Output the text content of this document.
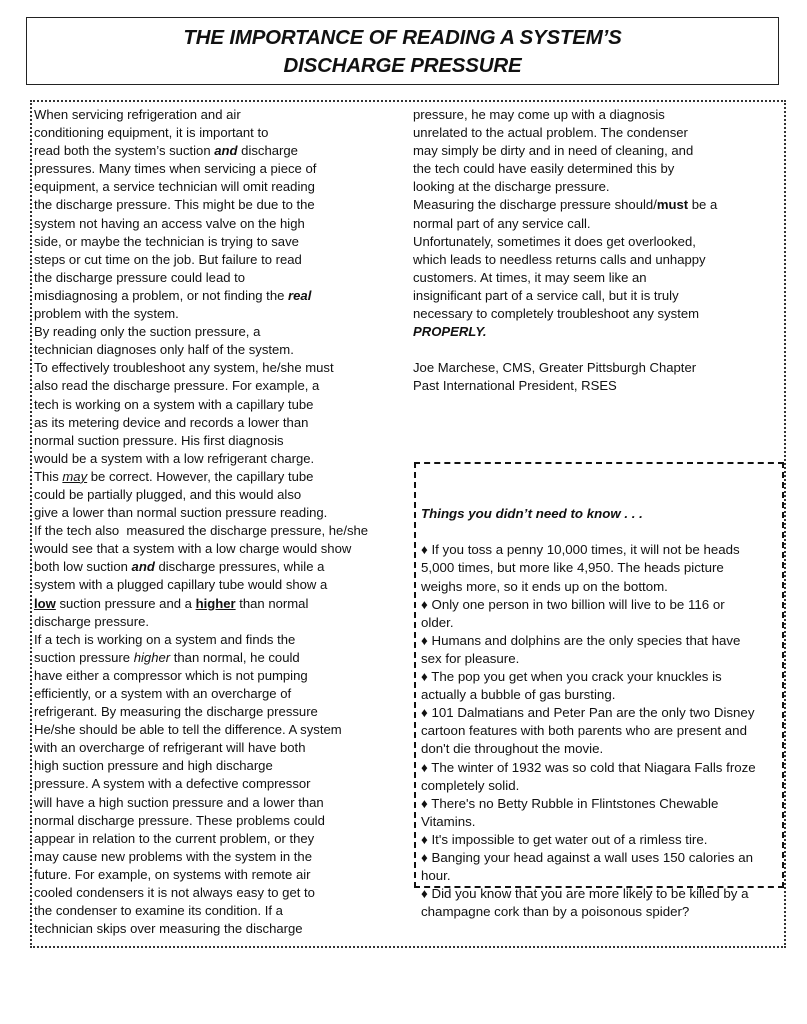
THE IMPORTANCE OF READING A SYSTEM’S
DISCHARGE PRESSURE
When servicing refrigeration and air
conditioning equipment, it is important to
read both the system’s suction and discharge
pressures. Many times when servicing a piece of
equipment, a service technician will omit reading
the discharge pressure. This might be due to the
system not having an access valve on the high
side, or maybe the technician is trying to save
steps or cut time on the job. But failure to read
the discharge pressure could lead to
misdiagnosing a problem, or not finding the real
problem with the system.
By reading only the suction pressure, a
technician diagnoses only half of the system.
To effectively troubleshoot any system, he/she must
also read the discharge pressure. For example, a
tech is working on a system with a capillary tube
as its metering device and records a lower than
normal suction pressure. His first diagnosis
would be a system with a low refrigerant charge.
This may be correct. However, the capillary tube
could be partially plugged, and this would also
give a lower than normal suction pressure reading.
If the tech also  measured the discharge pressure, he/she
would see that a system with a low charge would show
both low suction and discharge pressures, while a
system with a plugged capillary tube would show a
low suction pressure and a higher than normal
discharge pressure.
If a tech is working on a system and finds the
suction pressure higher than normal, he could
have either a compressor which is not pumping
efficiently, or a system with an overcharge of
refrigerant. By measuring the discharge pressure
He/she should be able to tell the difference. A system
with an overcharge of refrigerant will have both
high suction pressure and high discharge
pressure. A system with a defective compressor
will have a high suction pressure and a lower than
normal discharge pressure. These problems could
appear in relation to the current problem, or they
may cause new problems with the system in the
future. For example, on systems with remote air
cooled condensers it is not always easy to get to
the condenser to examine its condition. If a
technician skips over measuring the discharge
pressure, he may come up with a diagnosis
unrelated to the actual problem. The condenser
may simply be dirty and in need of cleaning, and
the tech could have easily determined this by
looking at the discharge pressure.
Measuring the discharge pressure should/must be a
normal part of any service call.
Unfortunately, sometimes it does get overlooked,
which leads to needless returns calls and unhappy
customers. At times, it may seem like an
insignificant part of a service call, but it is truly
necessary to completely troubleshoot any system
PROPERLY.
Joe Marchese, CMS, Greater Pittsburgh Chapter
Past International President, RSES

Things you didn’t need to know . . .

♦ If you toss a penny 10,000 times, it will not be heads
5,000 times, but more like 4,950. The heads picture
weighs more, so it ends up on the bottom.
♦ Only one person in two billion will live to be 116 or
older.
♦ Humans and dolphins are the only species that have
sex for pleasure.
♦ The pop you get when you crack your knuckles is
actually a bubble of gas bursting.
♦ 101 Dalmatians and Peter Pan are the only two Disney
cartoon features with both parents who are present and
don't die throughout the movie.
♦ The winter of 1932 was so cold that Niagara Falls froze
completely solid.
♦ There's no Betty Rubble in Flintstones Chewable
Vitamins.
♦ It's impossible to get water out of a rimless tire.
♦ Banging your head against a wall uses 150 calories an
hour.
♦ Did you know that you are more likely to be killed by a
champagne cork than by a poisonous spider?
